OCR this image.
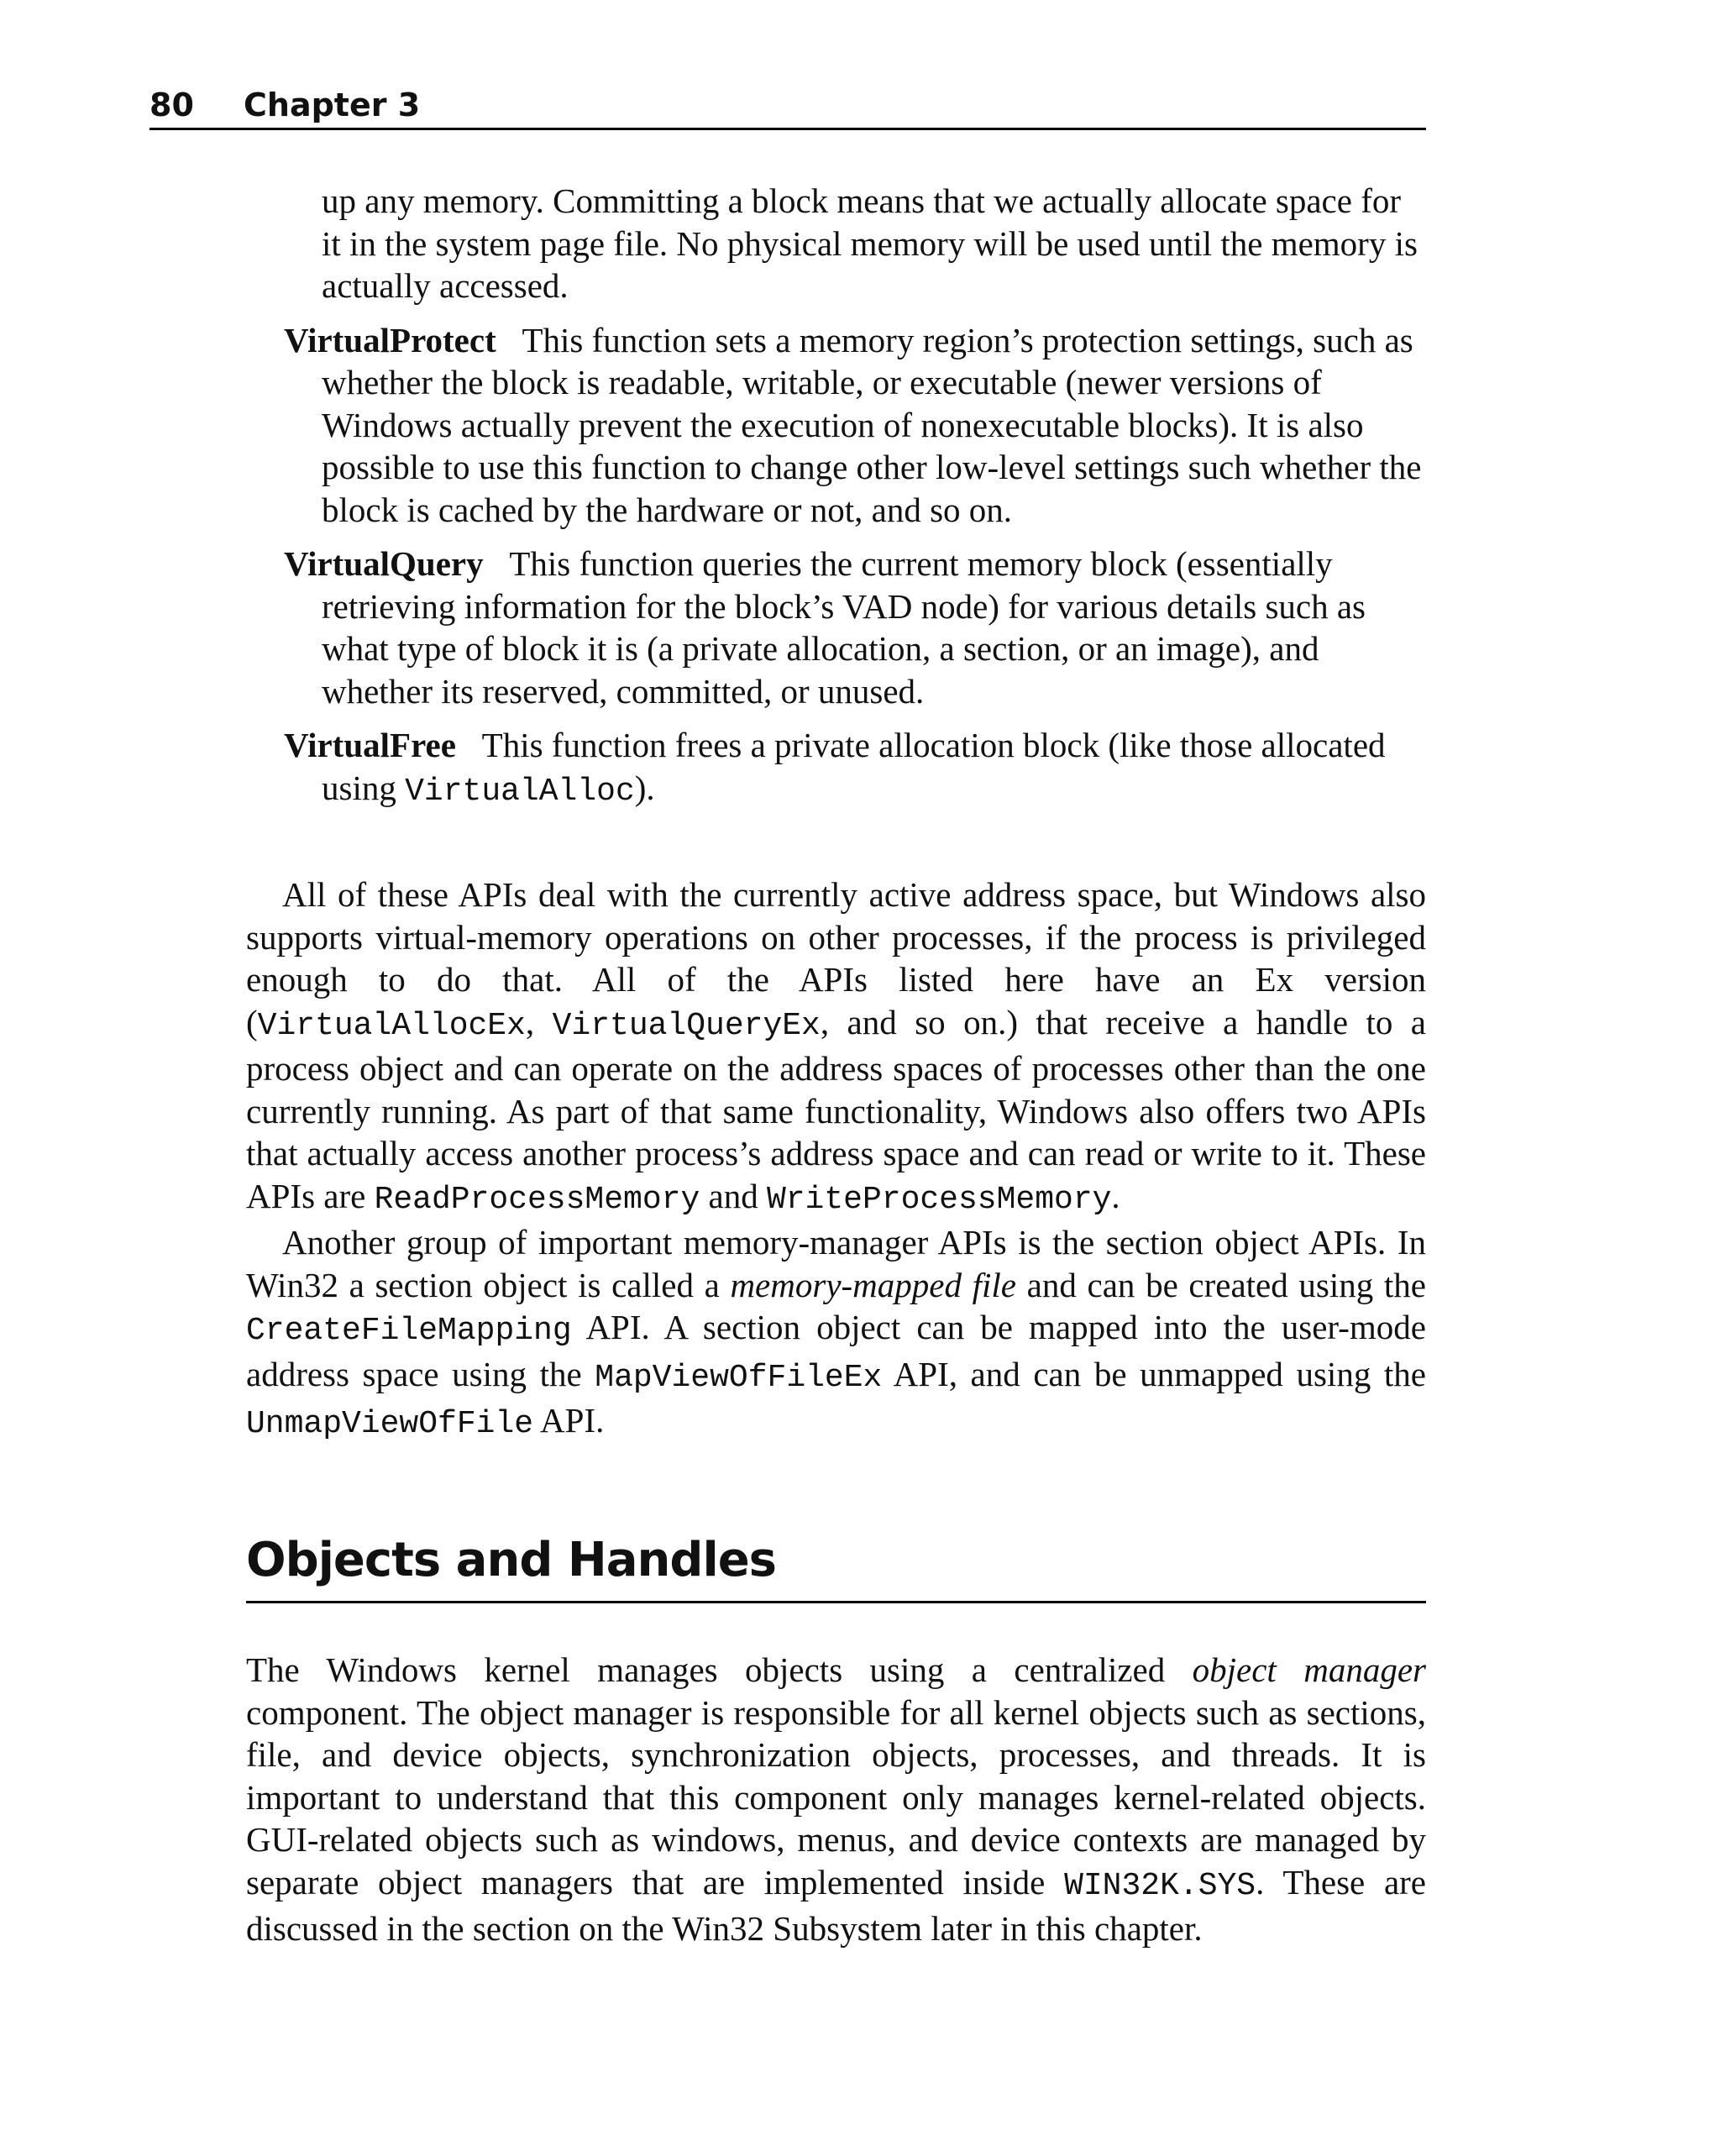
80 Chapter 3

up any memory. Committing a block means that we actually allocate space for it in the system page file. No physical memory will be used until the memory is actually accessed.

VirtualProtect This function sets a memory region’s protection settings, such as whether the block is readable, writable, or executable (newer versions of Windows actually prevent the execution of nonexecutable blocks). It is also possible to use this function to change other low-level settings such whether the block is cached by the hardware or not, and so on.

VirtualQuery This function queries the current memory block (essentially retrieving information for the block’s VAD node) for various details such as what type of block it is (a private allocation, a section, or an image), and whether its reserved, committed, or unused.

VirtualFree This function frees a private allocation block (like those allocated using VirtualAlloc).

All of these APIs deal with the currently active address space, but Windows also supports virtual-memory operations on other processes, if the process is privileged enough to do that. All of the APIs listed here have an Ex version (VirtualAllocEx, VirtualQueryEx, and so on.) that receive a handle to a process object and can operate on the address spaces of processes other than the one currently running. As part of that same functionality, Windows also offers two APIs that actually access another process’s address space and can read or write to it. These APIs are ReadProcessMemory and WriteProcessMemory.

Another group of important memory-manager APIs is the section object APIs. In Win32 a section object is called a memory-mapped file and can be created using the CreateFileMapping API. A section object can be mapped into the user-mode address space using the MapViewOfFileEx API, and can be unmapped using the UnmapViewOfFile API.

Objects and Handles

The Windows kernel manages objects using a centralized object manager component. The object manager is responsible for all kernel objects such as sections, file, and device objects, synchronization objects, processes, and threads. It is important to understand that this component only manages kernel-related objects. GUI-related objects such as windows, menus, and device contexts are managed by separate object managers that are implemented inside WIN32K.SYS. These are discussed in the section on the Win32 Subsystem later in this chapter.
